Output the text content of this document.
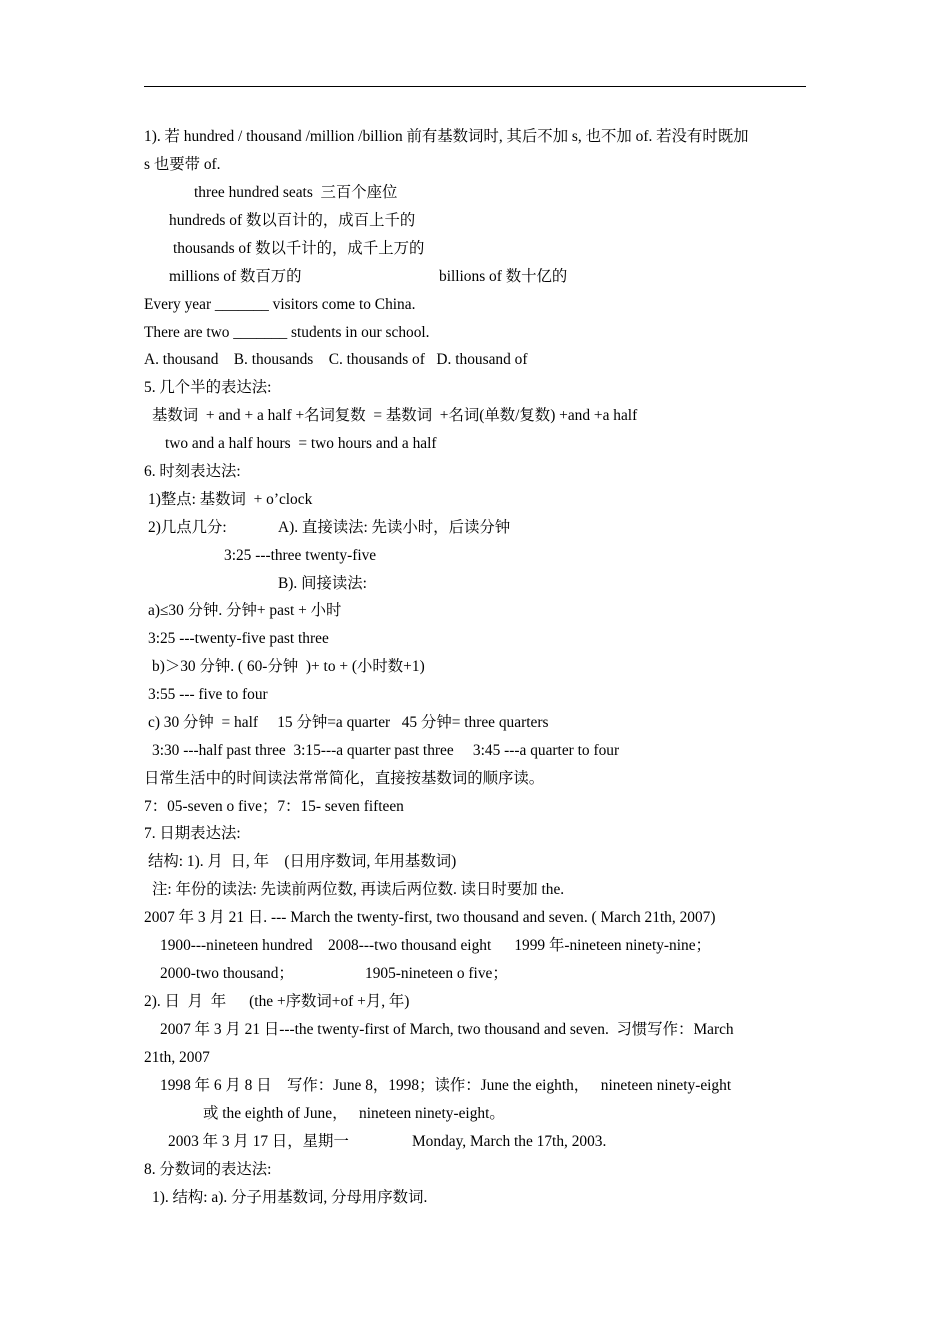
1). 若 hundred / thousand /million /billion 前有基数词时, 其后不加 s, 也不加 of. 若没有时既加
s 也要带 of.
three hundred seats  三百个座位
hundreds of 数以百计的，成百上千的
thousands of 数以千计的，成千上万的
millions of 数百万的	billions of 数十亿的
Every year _______ visitors come to China.
There are two _______ students in our school.
A. thousand    B. thousands    C. thousands of   D. thousand of
5. 几个半的表达法:
基数词  + and + a half +名词复数  = 基数词  +名词(单数/复数) +and +a half
two and a half hours  = two hours and a half
6. 时刻表达法:
1)整点: 基数词  + o’clock
2)几点几分:	A). 直接读法: 先读小时，后读分钟
3:25 ---three twenty-five
B). 间接读法:
a)≤30 分钟. 分钟+ past + 小时
3:25 ---twenty-five past three
b)＞30 分钟. ( 60-分钟  )+ to + (小时数+1)
3:55 --- five to four
c) 30 分钟  = half     15 分钟=a quarter   45 分钟= three quarters
3:30 ---half past three  3:15---a quarter past three     3:45 ---a quarter to four
日常生活中的时间读法常常简化，直接按基数词的顺序读。
7：05-seven o five；7：15- seven fifteen
7. 日期表达法:
结构: 1). 月  日, 年    (日用序数词, 年用基数词)
注: 年份的读法: 先读前两位数, 再读后两位数. 读日时要加 the.
2007 年 3 月 21 日. --- March the twenty-first, two thousand and seven. ( March 21th, 2007)
1900---nineteen hundred    2008---two thousand eight      1999 年-nineteen ninety-nine；
2000-two thousand；	1905-nineteen o five；
2). 日  月  年      (the +序数词+of +月, 年)
2007 年 3 月 21 日---the twenty-first of March, two thousand and seven.  习惯写作：March
21th, 2007
1998 年 6 月 8 日    写作：June 8，1998；读作：June the eighth，   nineteen ninety-eight
或 the eighth of June，   nineteen ninety-eight。
2003 年 3 月 17 日，星期一	Monday, March the 17th, 2003.
8. 分数词的表达法:
1). 结构: a). 分子用基数词, 分母用序数词.
